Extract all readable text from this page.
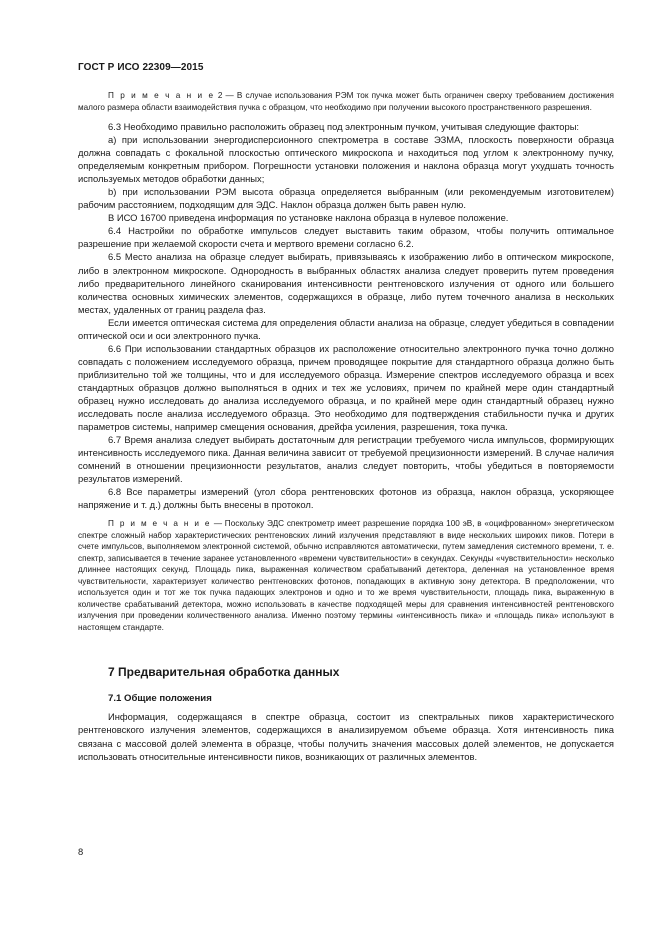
ГОСТ Р ИСО 22309—2015

П р и м е ч а н и е 2 — В случае использования РЭМ ток пучка может быть ограничен сверху требованием достижения малого размера области взаимодействия пучка с образцом, что необходимо при получении высокого пространственного разрешения.

6.3 Необходимо правильно расположить образец под электронным пучком, учитывая следующие факторы:

a) при использовании энергодисперсионного спектрометра в составе ЭЗМА, плоскость поверхности образца должна совпадать с фокальной плоскостью оптического микроскопа и находиться под углом к электронному пучку, определяемым конкретным прибором. Погрешности установки положения и наклона образца могут ухудшать точность используемых методов обработки данных;

b) при использовании РЭМ высота образца определяется выбранным (или рекомендуемым изготовителем) рабочим расстоянием, подходящим для ЭДС. Наклон образца должен быть равен нулю.

В ИСО 16700 приведена информация по установке наклона образца в нулевое положение.

6.4 Настройки по обработке импульсов следует выставить таким образом, чтобы получить оптимальное разрешение при желаемой скорости счета и мертвого времени согласно 6.2.

6.5 Место анализа на образце следует выбирать, привязываясь к изображению либо в оптическом микроскопе, либо в электронном микроскопе. Однородность в выбранных областях анализа следует проверить путем проведения либо предварительного линейного сканирования интенсивности рентгеновского излучения от одного или большего количества основных химических элементов, содержащихся в образце, либо путем точечного анализа в нескольких местах, удаленных от границ раздела фаз.

Если имеется оптическая система для определения области анализа на образце, следует убедиться в совпадении оптической оси и оси электронного пучка.

6.6 При использовании стандартных образцов их расположение относительно электронного пучка точно должно совпадать с положением исследуемого образца, причем проводящее покрытие для стандартного образца должно быть приблизительно той же толщины, что и для исследуемого образца. Измерение спектров исследуемого образца и всех стандартных образцов должно выполняться в одних и тех же условиях, причем по крайней мере один стандартный образец нужно исследовать до анализа исследуемого образца, и по крайней мере один стандартный образец нужно исследовать после анализа исследуемого образца. Это необходимо для подтверждения стабильности пучка и других параметров системы, например смещения основания, дрейфа усиления, разрешения, тока пучка.

6.7 Время анализа следует выбирать достаточным для регистрации требуемого числа импульсов, формирующих интенсивность исследуемого пика. Данная величина зависит от требуемой прецизионности измерений. В случае наличия сомнений в отношении прецизионности результатов, анализ следует повторить, чтобы убедиться в повторяемости результатов измерений.

6.8 Все параметры измерений (угол сбора рентгеновских фотонов из образца, наклон образца, ускоряющее напряжение и т. д.) должны быть внесены в протокол.

П р и м е ч а н и е — Поскольку ЭДС спектрометр имеет разрешение порядка 100 эВ, в «оцифрованном» энергетическом спектре сложный набор характеристических рентгеновских линий излучения представляют в виде нескольких широких пиков. Потери в счете импульсов, выполняемом электронной системой, обычно исправляются автоматически, путем замедления системного времени, т. е. спектр, записывается в течение заранее установленного «времени чувствительности» в секундах. Секунды «чувствительности» несколько длиннее настоящих секунд. Площадь пика, выраженная количеством срабатываний детектора, деленная на установленное время чувствительности, характеризует количество рентгеновских фотонов, попадающих в активную зону детектора. В предположении, что используется один и тот же ток пучка падающих электронов и одно и то же время чувствительности, площадь пика, выраженную в количестве срабатываний детектора, можно использовать в качестве подходящей меры для сравнения интенсивностей рентгеновского излучения при проведении количественного анализа. Именно поэтому термины «интенсивность пика» и «площадь пика» используют в настоящем стандарте.

7 Предварительная обработка данных
7.1 Общие положения

Информация, содержащаяся в спектре образца, состоит из спектральных пиков характеристического рентгеновского излучения элементов, содержащихся в анализируемом объеме образца. Хотя интенсивность пика связана с массовой долей элемента в образце, чтобы получить значения массовых долей элементов, не допускается использовать относительные интенсивности пиков, возникающих от различных элементов.

8
